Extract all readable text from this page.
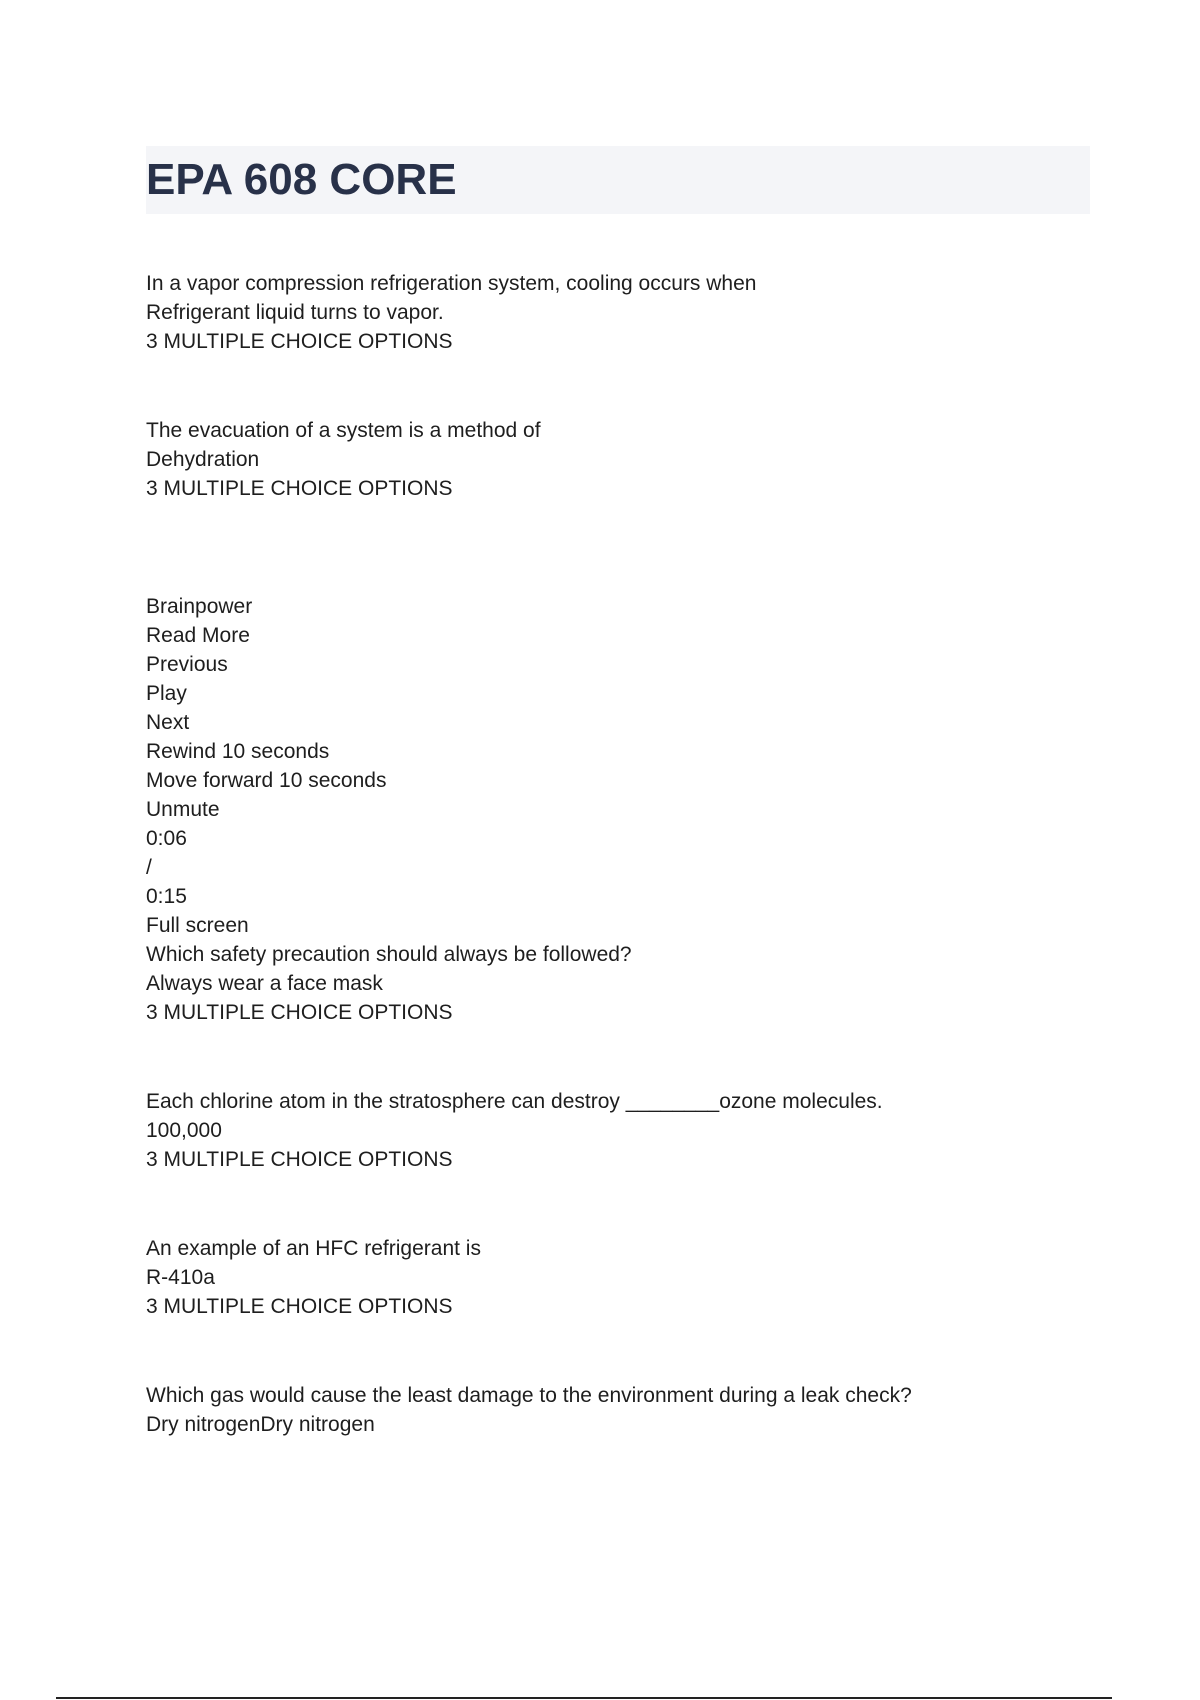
EPA 608 CORE
In a vapor compression refrigeration system, cooling occurs when
Refrigerant liquid turns to vapor.
3 MULTIPLE CHOICE OPTIONS
The evacuation of a system is a method of
Dehydration
3 MULTIPLE CHOICE OPTIONS
Brainpower
Read More
Previous
Play
Next
Rewind 10 seconds
Move forward 10 seconds
Unmute
0:06
/
0:15
Full screen
Which safety precaution should always be followed?
Always wear a face mask
3 MULTIPLE CHOICE OPTIONS
Each chlorine atom in the stratosphere can destroy ________ozone molecules.
100,000
3 MULTIPLE CHOICE OPTIONS
An example of an HFC refrigerant is
R-410a
3 MULTIPLE CHOICE OPTIONS
Which gas would cause the least damage to the environment during a leak check?
Dry nitrogenDry nitrogen
